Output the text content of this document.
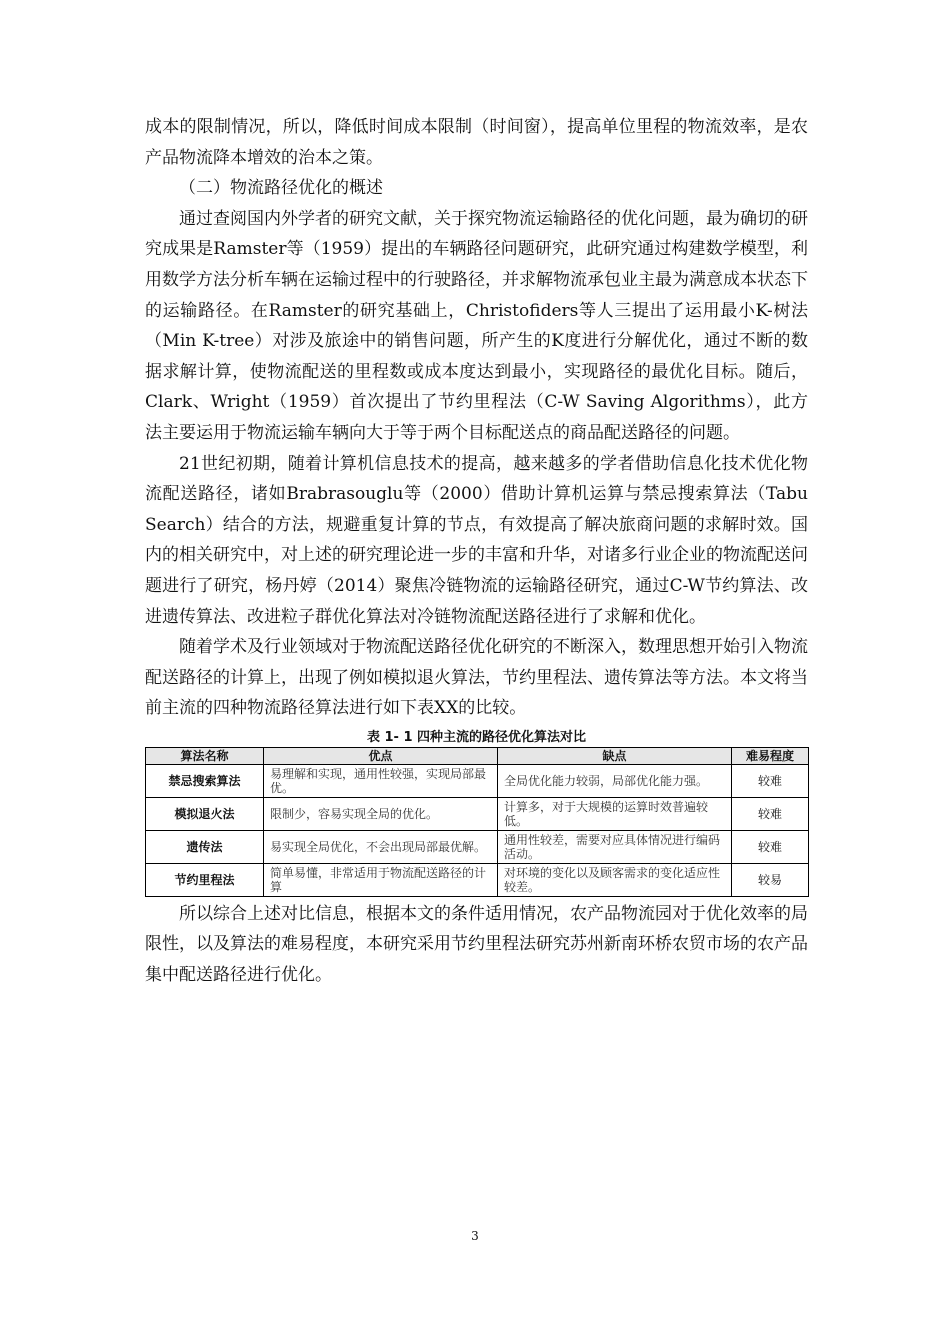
成本的限制情况，所以，降低时间成本限制（时间窗），提高单位里程的物流效率，是农产品物流降本增效的治本之策。

（二）物流路径优化的概述

通过查阅国内外学者的研究文献，关于探究物流运输路径的优化问题，最为确切的研究成果是Ramster等（1959）提出的车辆路径问题研究，此研究通过构建数学模型，利用数学方法分析车辆在运输过程中的行驶路径，并求解物流承包业主最为满意成本状态下的运输路径。在Ramster的研究基础上，Christofiders等人三提出了运用最小K-树法（Min K-tree）对涉及旅途中的销售问题，所产生的K度进行分解优化，通过不断的数据求解计算，使物流配送的里程数或成本度达到最小，实现路径的最优化目标。随后，Clark、Wright（1959）首次提出了节约里程法（C-W Saving Algorithms），此方法主要运用于物流运输车辆向大于等于两个目标配送点的商品配送路径的问题。

21世纪初期，随着计算机信息技术的提高，越来越多的学者借助信息化技术优化物流配送路径，诸如Brabrasouglu等（2000）借助计算机运算与禁忌搜索算法（Tabu Search）结合的方法，规避重复计算的节点，有效提高了解决旅商问题的求解时效。国内的相关研究中，对上述的研究理论进一步的丰富和升华，对诸多行业企业的物流配送问题进行了研究，杨丹婷（2014）聚焦冷链物流的运输路径研究，通过C-W节约算法、改进遗传算法、改进粒子群优化算法对冷链物流配送路径进行了求解和优化。

随着学术及行业领域对于物流配送路径优化研究的不断深入，数理思想开始引入物流配送路径的计算上，出现了例如模拟退火算法，节约里程法、遗传算法等方法。本文将当前主流的四种物流路径算法进行如下表XX的比较。

表 1- 1 四种主流的路径优化算法对比
算法名称	优点	缺点	难易程度
禁忌搜索算法	易理解和实现，通用性较强，实现局部最优。	全局优化能力较弱，局部优化能力强。	较难
模拟退火法	限制少，容易实现全局的优化。	计算多，对于大规模的运算时效普遍较低。	较难
遗传法	易实现全局优化，不会出现局部最优解。	通用性较差，需要对应具体情况进行编码活动。	较难
节约里程法	简单易懂，非常适用于物流配送路径的计算	对环境的变化以及顾客需求的变化适应性较差。	较易

所以综合上述对比信息，根据本文的条件适用情况，农产品物流园对于优化效率的局限性，以及算法的难易程度，本研究采用节约里程法研究苏州新南环桥农贸市场的农产品集中配送路径进行优化。

3
